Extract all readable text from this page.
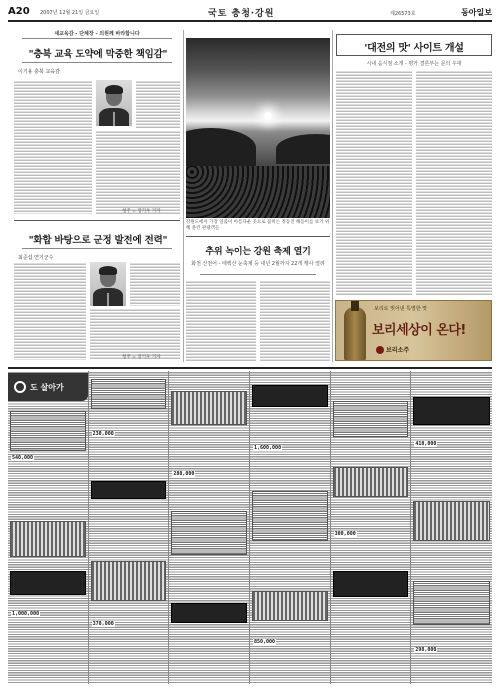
A20 2007년 12월 21일 금요일	국토 충청·강원	제26573호	동아일보
새교육감 - 단체장 - 의원께 바라합니다
"충북 교육 도약에 막중한 책임감"
이기용 충북 교육감
청주 = 장기우 기자
"화합 바탕으로 군정 발전에 전력"
최준섭 연기군수
청주 = 장기우 기자
강원도에서 가장 일출이 아름다운 곳으로 꼽히는 정동진 해돋이를 보기 위해 몰린 관광객들
추위 녹이는 강원 축제 열기
화천 산천어 - 태백산 눈축제 등 내년 2월까지 22개 행사 열려
'대전의 맛' 사이트 개설
시내 음식점 소개 - 평가 결론부는 문의 우대
보리로 빚어낸 특별한 맛
보리세상이 온다!
보리소주
도 살아가
540,000
1,000,000
230,000
370,000
280,000
1,600,000
850,000
300,000
410,000
298,000
